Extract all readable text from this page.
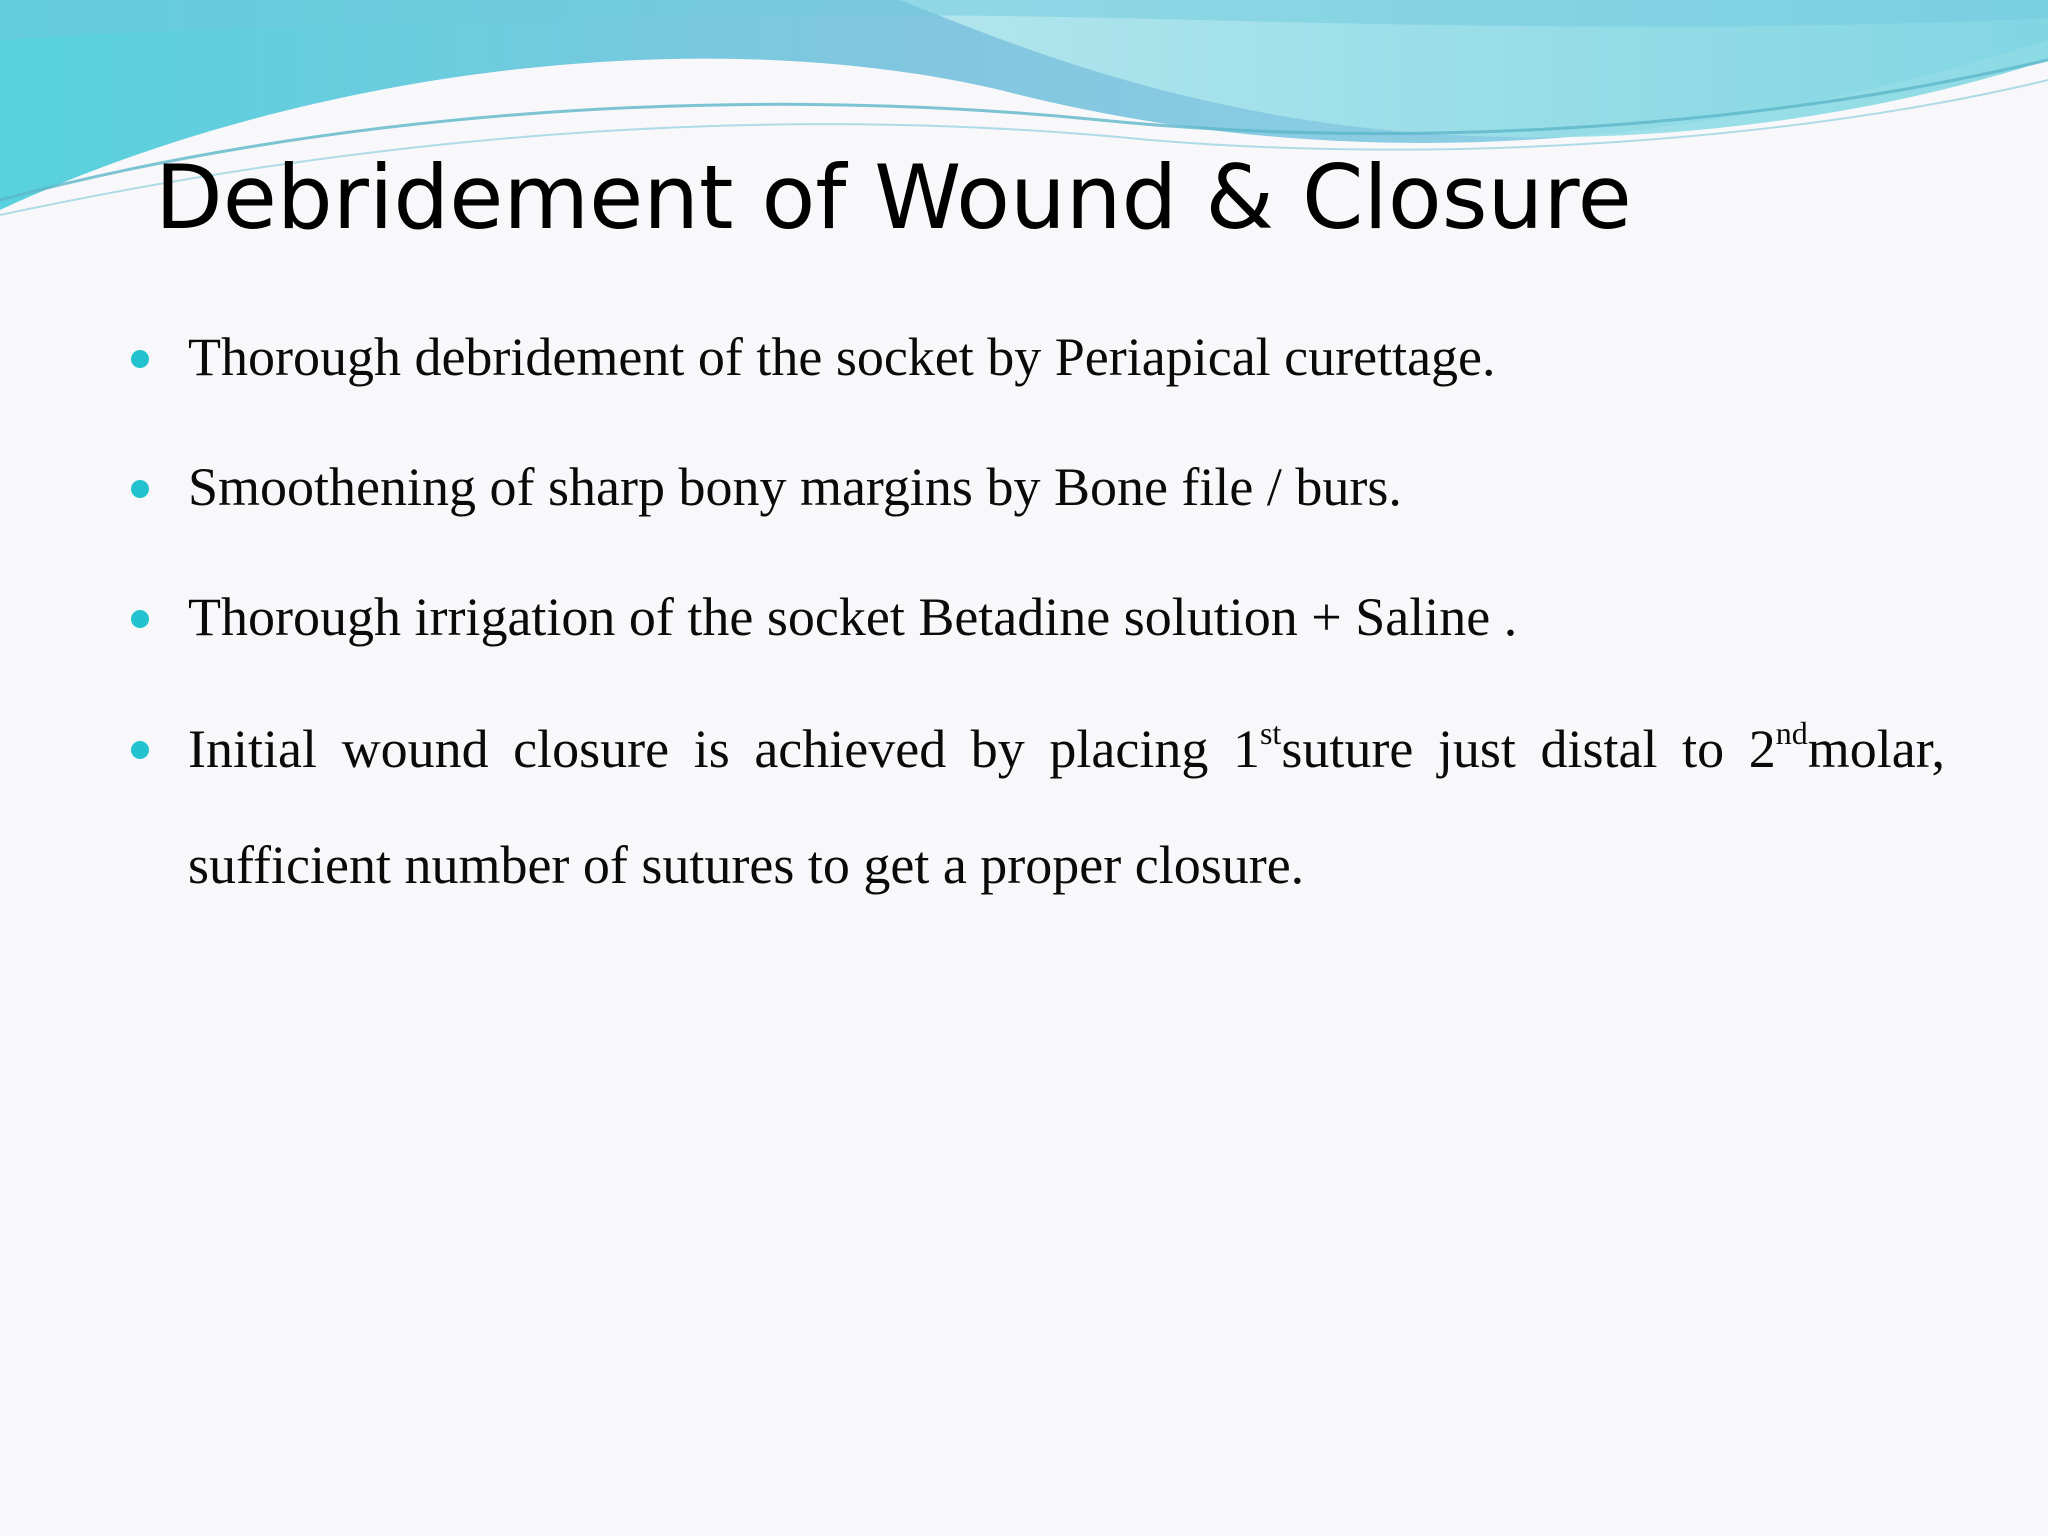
Debridement of Wound & Closure
Thorough debridement of the socket by Periapical curettage.
Smoothening of sharp bony margins by Bone file / burs.
Thorough irrigation of the socket Betadine solution + Saline .
Initial wound closure is achieved by placing 1stsuture just distal to 2ndmolar, sufficient number of sutures to get a proper closure.
